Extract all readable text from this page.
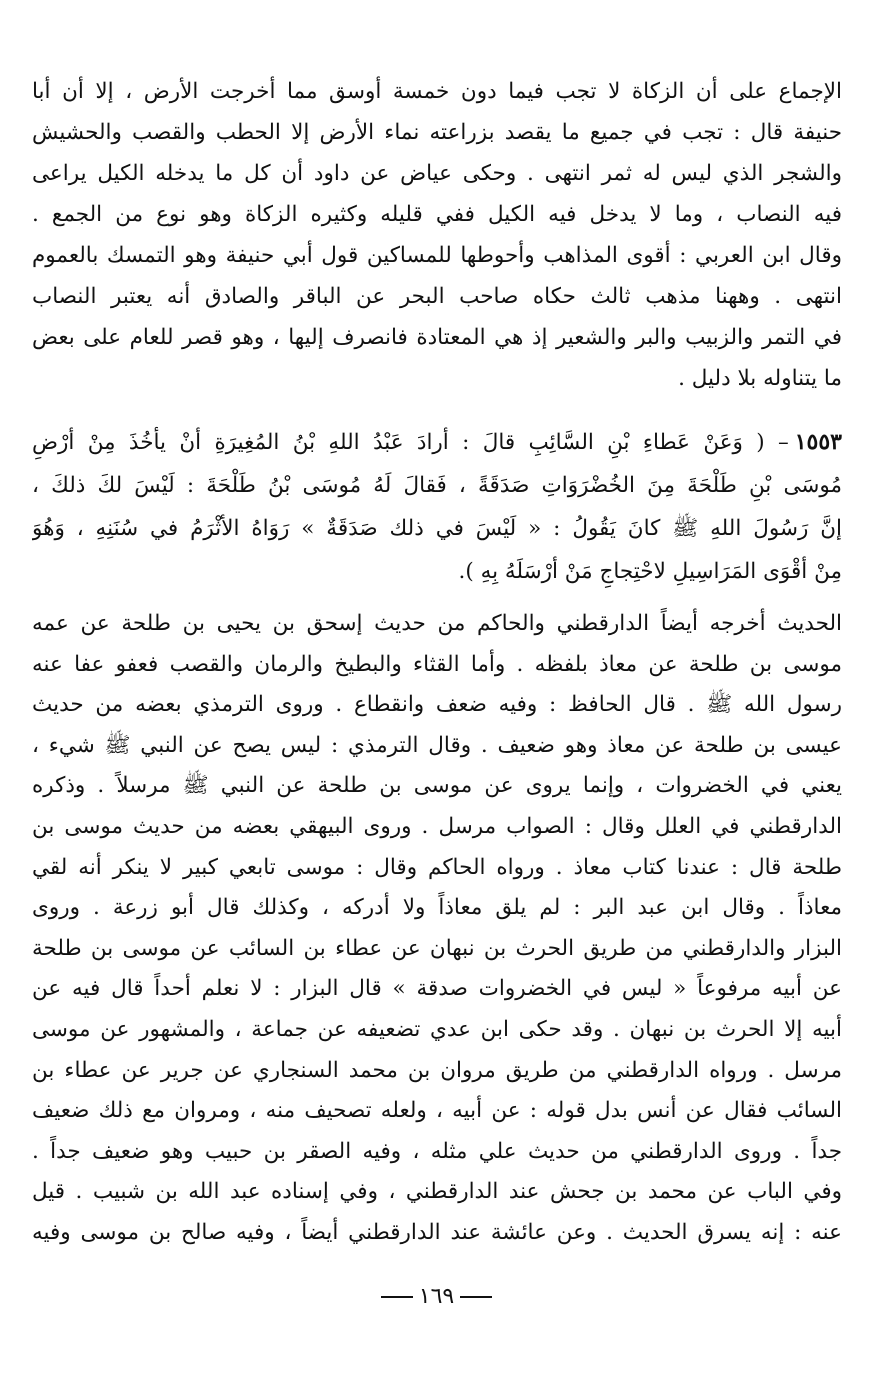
الإجماع على أن الزكاة لا تجب فيما دون خمسة أوسق مما أخرجت الأرض ، إلا أن أبا
حنيفة قال : تجب في جميع ما يقصد بزراعته نماء الأرض إلا الحطب والقصب والحشيش
والشجر الذي ليس له ثمر انتهى . وحكى عياض عن داود أن كل ما يدخله الكيل يراعى
فيه النصاب ، وما لا يدخل فيه الكيل ففي قليله وكثيره الزكاة وهو نوع من الجمع .
وقال ابن العربي : أقوى المذاهب وأحوطها للمساكين قول أبي حنيفة وهو التمسك بالعموم
انتهى . وههنا مذهب ثالث حكاه صاحب البحر عن الباقر والصادق أنه يعتبر النصاب
في التمر والزبيب والبر والشعير إذ هي المعتادة فانصرف إليها ، وهو قصر للعام على بعض
ما يتناوله بلا دليل .
١٥٥٣– ( وَعَنْ عَطاءِ بْنِ السَّائِبِ قالَ : أرادَ عَبْدُ اللهِ بْنُ المُغِيرَةِ أنْ يأخُذَ مِنْ أرْضِ
مُوسَى بْنِ طَلْحَةَ مِنَ الخُضْرَوَاتِ صَدَقَةً ، فَقالَ لَهُ مُوسَى بْنُ طَلْحَةَ : لَيْسَ لكَ ذلكَ ،
إنَّ رَسُولَ اللهِ ﷺ كانَ يَقُولُ : « لَيْسَ في ذلك صَدَقَةٌ » رَوَاهُ الأثْرَمُ في سُنَنِهِ ، وَهُوَ
مِنْ أقْوَى المَرَاسِيلِ لاحْتِجاجِ مَنْ أرْسَلَهُ بِهِ ).
الحديث أخرجه أيضاً الدارقطني والحاكم من حديث إسحق بن يحيى بن طلحة عن عمه
موسى بن طلحة عن معاذ بلفظه . وأما القثاء والبطيخ والرمان والقصب فعفو عفا عنه
رسول الله ﷺ . قال الحافظ : وفيه ضعف وانقطاع . وروى الترمذي بعضه من حديث
عيسى بن طلحة عن معاذ وهو ضعيف . وقال الترمذي : ليس يصح عن النبي ﷺ شيء ،
يعني في الخضروات ، وإنما يروى عن موسى بن طلحة عن النبي ﷺ مرسلاً . وذكره
الدارقطني في العلل وقال : الصواب مرسل . وروى البيهقي بعضه من حديث موسى بن
طلحة قال : عندنا كتاب معاذ . ورواه الحاكم وقال : موسى تابعي كبير لا ينكر أنه لقي
معاذاً . وقال ابن عبد البر : لم يلق معاذاً ولا أدركه ، وكذلك قال أبو زرعة . وروى
البزار والدارقطني من طريق الحرث بن نبهان عن عطاء بن السائب عن موسى بن طلحة
عن أبيه مرفوعاً « ليس في الخضروات صدقة » قال البزار : لا نعلم أحداً قال فيه عن
أبيه إلا الحرث بن نبهان . وقد حكى ابن عدي تضعيفه عن جماعة ، والمشهور عن موسى
مرسل . ورواه الدارقطني من طريق مروان بن محمد السنجاري عن جرير عن عطاء بن
السائب فقال عن أنس بدل قوله : عن أبيه ، ولعله تصحيف منه ، ومروان مع ذلك ضعيف
جداً . وروى الدارقطني من حديث علي مثله ، وفيه الصقر بن حبيب وهو ضعيف جداً .
وفي الباب عن محمد بن جحش عند الدارقطني ، وفي إسناده عبد الله بن شبيب . قيل
عنه : إنه يسرق الحديث . وعن عائشة عند الدارقطني أيضاً ، وفيه صالح بن موسى وفيه
١٦٩
